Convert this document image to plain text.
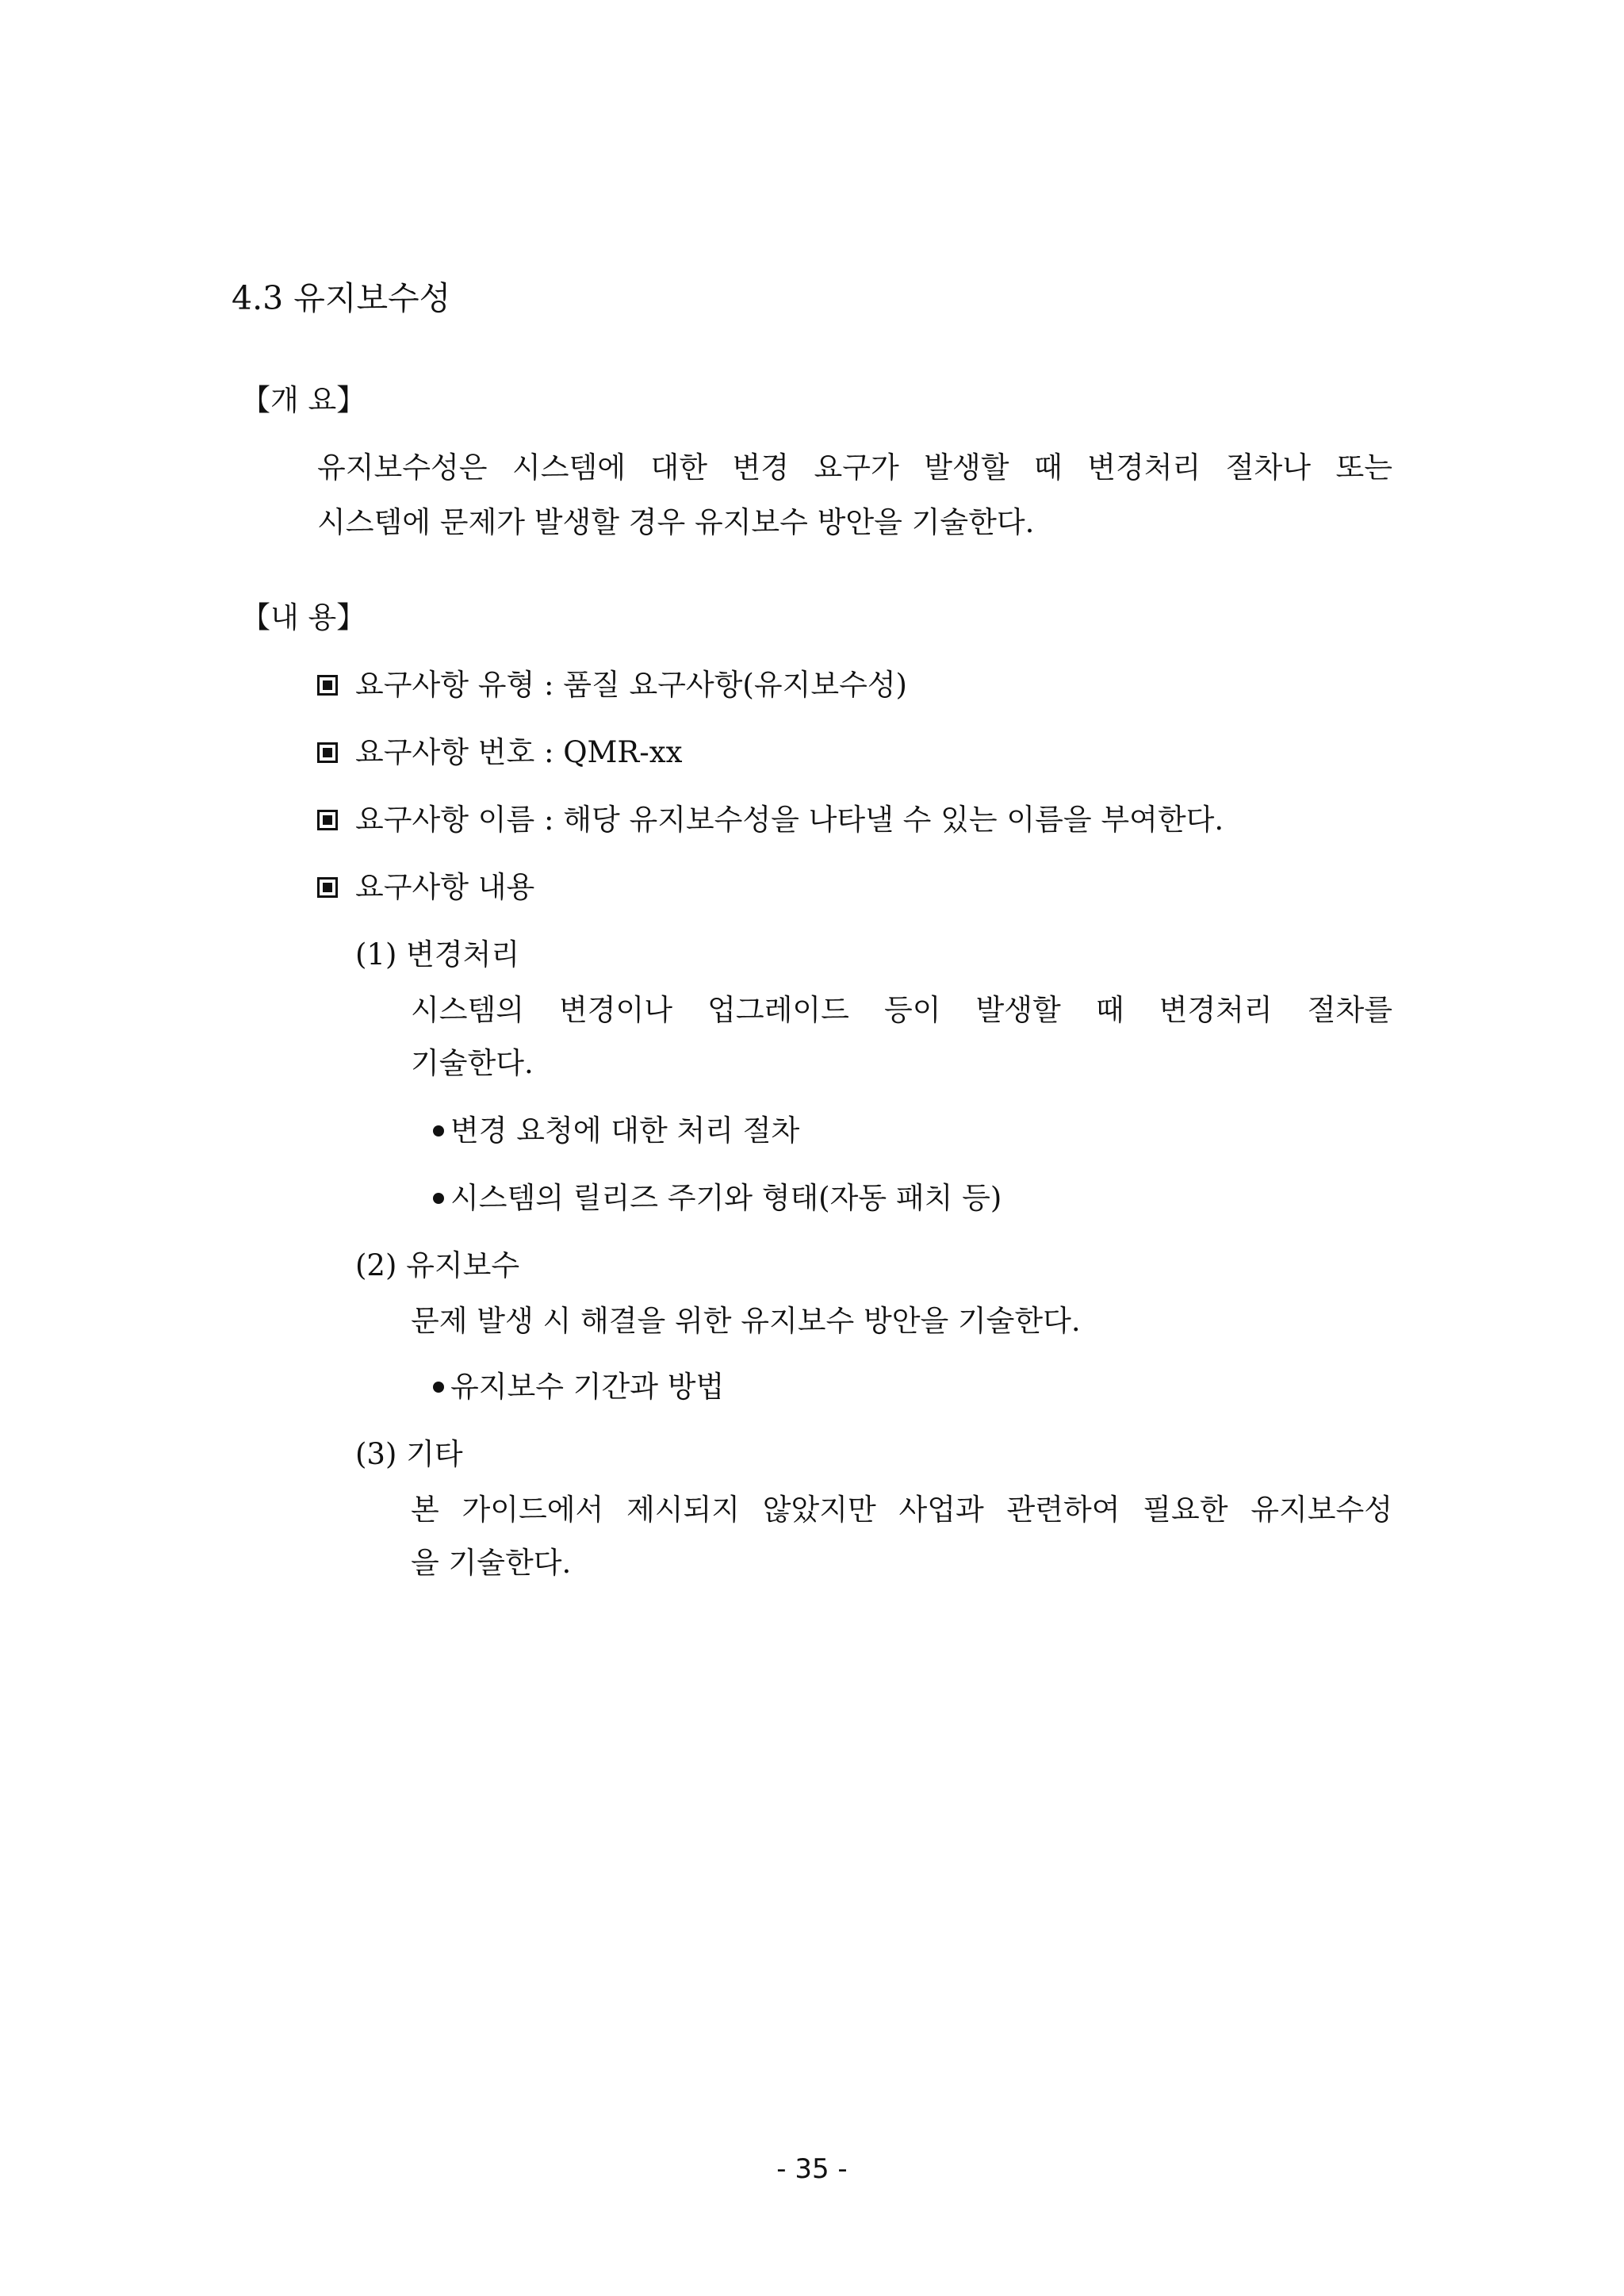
4.3 유지보수성
【개 요】
유지보수성은 시스템에 대한 변경 요구가 발생할 때 변경처리 절차나 또는
시스템에 문제가 발생할 경우 유지보수 방안을 기술한다.
【내 용】
요구사항 유형 : 품질 요구사항(유지보수성)
요구사항 번호 : QMR-xx
요구사항 이름 : 해당 유지보수성을 나타낼 수 있는 이름을 부여한다.
요구사항 내용
(1) 변경처리
시스템의 변경이나 업그레이드 등이 발생할 때 변경처리 절차를
기술한다.
변경 요청에 대한 처리 절차
시스템의 릴리즈 주기와 형태(자동 패치 등)
(2) 유지보수
문제 발생 시 해결을 위한 유지보수 방안을 기술한다.
유지보수 기간과 방법
(3) 기타
본 가이드에서 제시되지 않았지만 사업과 관련하여 필요한 유지보수성
을 기술한다.
- 35 -
